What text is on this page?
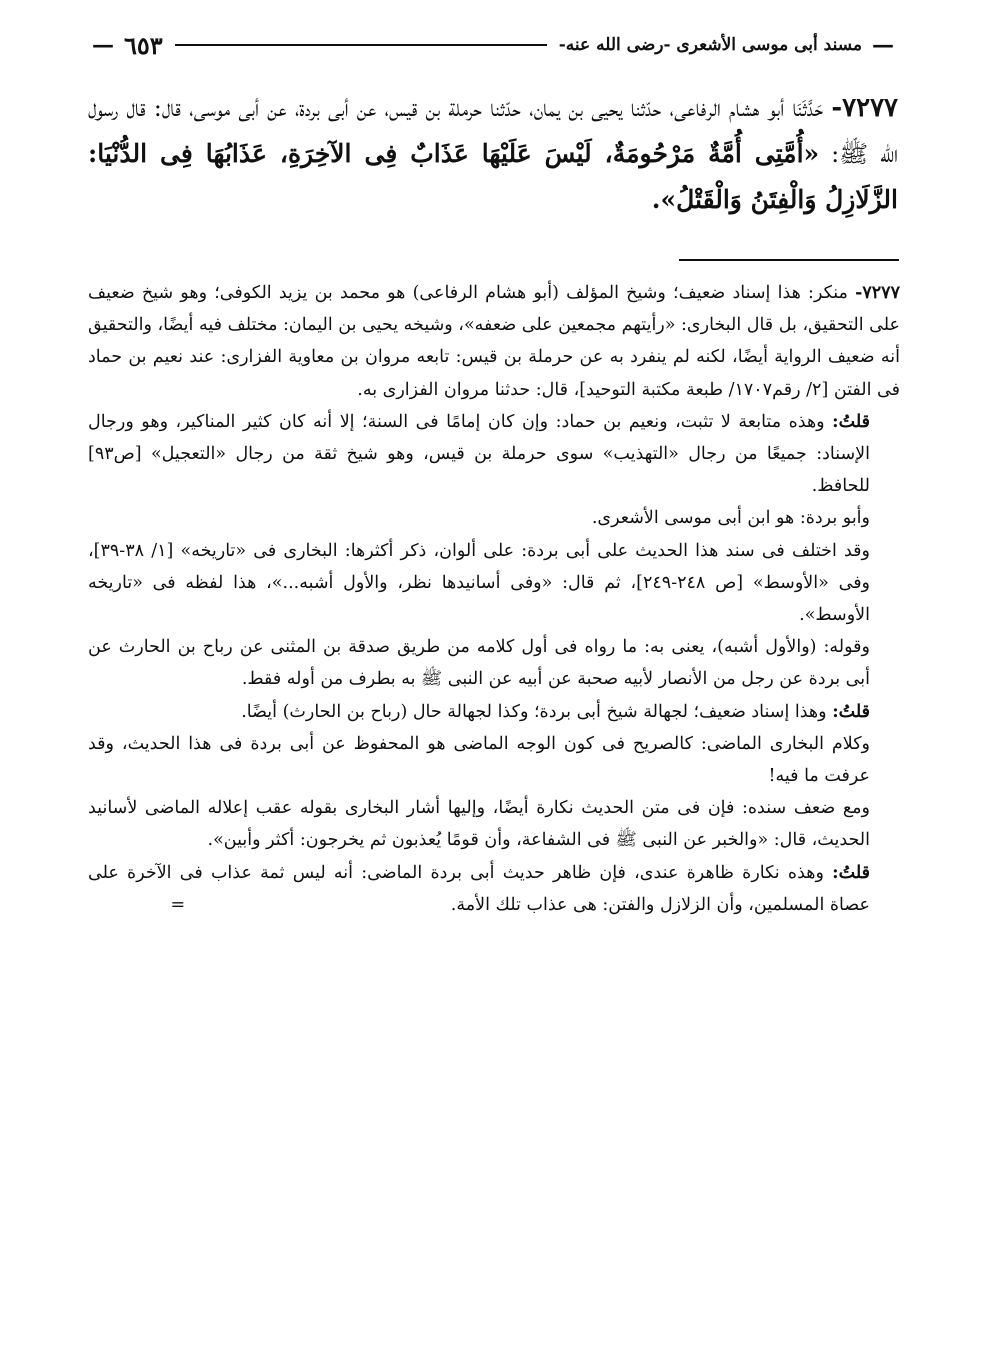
—
مسند أبى موسى الأشعرى -رضى الله عنه-
٦٥٣
—

٧٢٧٧- حَدَّثَنَا أبو هشام الرفاعى، حدّثنا يحيى بن يمان، حدّثنا حرملة بن قيس، عن أبى بردة، عن أبى موسى، قال: قال رسول الله ﷺ: «أُمَّتِى أُمَّةٌ مَرْحُومَةٌ، لَيْسَ عَلَيْهَا عَذَابٌ فِى الآخِرَةِ، عَذَابُهَا فِى الدُّنْيَا: الزَّلَازِلُ وَالْفِتَنُ وَالْقَتْلُ».

٧٢٧٧- منكر: هذا إسناد ضعيف؛ وشيخ المؤلف (أبو هشام الرفاعى) هو محمد بن يزيد الكوفى؛ وهو شيخ ضعيف على التحقيق، بل قال البخارى: «رأيتهم مجمعين على ضعفه»، وشيخه يحيى بن اليمان: مختلف فيه أيضًا، والتحقيق أنه ضعيف الرواية أيضًا، لكنه لم ينفرد به عن حرملة بن قيس: تابعه مروان بن معاوية الفزارى: عند نعيم بن حماد فى الفتن [٢/ رقم١٧٠٧/ طبعة مكتبة التوحيد]، قال: حدثنا مروان الفزارى به.

قلتُ: وهذه متابعة لا تثبت، ونعيم بن حماد: وإن كان إمامًا فى السنة؛ إلا أنه كان كثير المناكير، وهو ورجال الإسناد: جميعًا من رجال «التهذيب» سوى حرملة بن قيس، وهو شيخ ثقة من رجال «التعجيل» [ص٩٣] للحافظ.

وأبو بردة: هو ابن أبى موسى الأشعرى.

وقد اختلف فى سند هذا الحديث على أبى بردة: على ألوان، ذكر أكثرها: البخارى فى «تاريخه» [١/ ٣٨-٣٩]، وفى «الأوسط» [ص ٢٤٨-٢٤٩]، ثم قال: «وفى أسانيدها نظر، والأول أشبه...»، هذا لفظه فى «تاريخه الأوسط».

وقوله: (والأول أشبه)، يعنى به: ما رواه فى أول كلامه من طريق صدقة بن المثنى عن رباح بن الحارث عن أبى بردة عن رجل من الأنصار لأبيه صحبة عن أبيه عن النبى ﷺ به بطرف من أوله فقط.

قلتُ: وهذا إسناد ضعيف؛ لجهالة شيخ أبى بردة؛ وكذا لجهالة حال (رباح بن الحارث) أيضًا.

وكلام البخارى الماضى: كالصريح فى كون الوجه الماضى هو المحفوظ عن أبى بردة فى هذا الحديث، وقد عرفت ما فيه!

ومع ضعف سنده: فإن فى متن الحديث نكارة أيضًا، وإليها أشار البخارى بقوله عقب إعلاله الماضى لأسانيد الحديث، قال: «والخبر عن النبى ﷺ فى الشفاعة، وأن قومًا يُعذبون ثم يخرجون: أكثر وأبين».

قلتُ: وهذه نكارة ظاهرة عندى، فإن ظاهر حديث أبى بردة الماضى: أنه ليس ثمة عذاب فى الآخرة على عصاة المسلمين، وأن الزلازل والفتن: هى عذاب تلك الأمة. =
